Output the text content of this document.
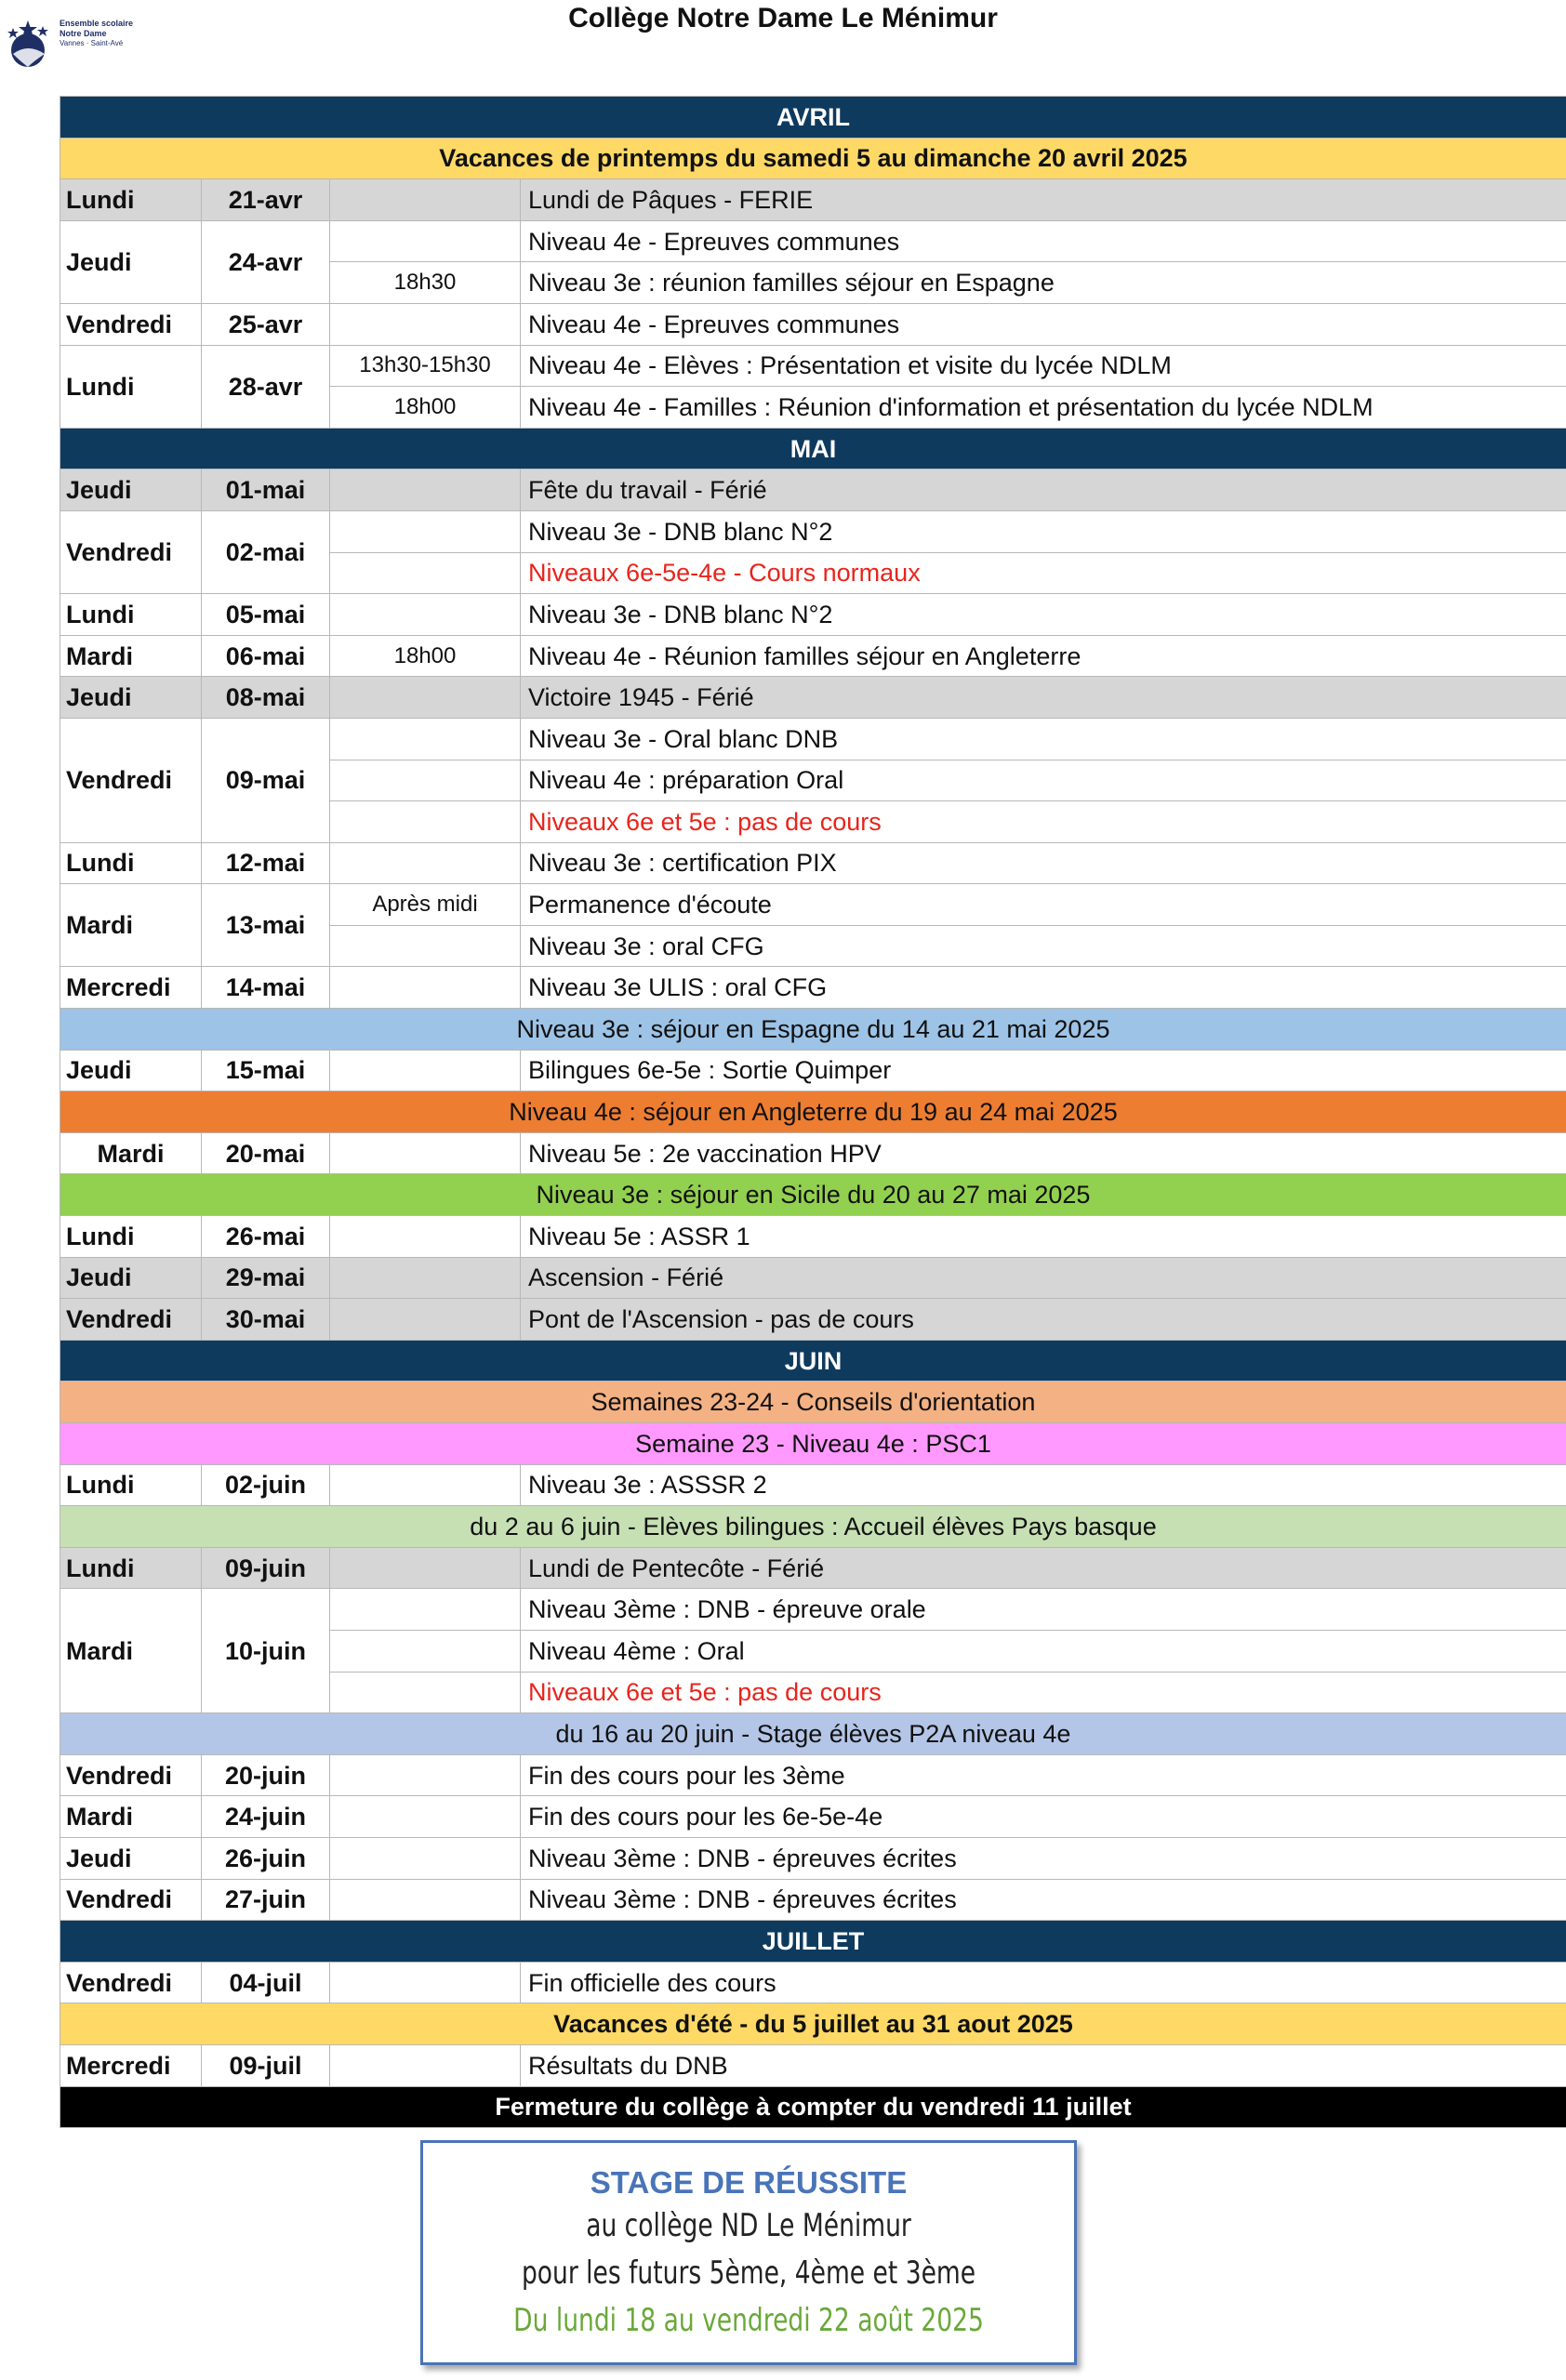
Ensemble scolaire
Notre Dame
Vannes · Saint-Avé
Collège Notre Dame Le Ménimur
AVRIL			
Vacances de printemps du samedi 5 au dimanche 20 avril 2025			
Lundi	21-avr		Lundi de Pâques - FERIE
Jeudi	24-avr		Niveau 4e - Epreuves communes
		18h30	Niveau 3e : réunion familles séjour en Espagne
Vendredi	25-avr		Niveau 4e - Epreuves communes
Lundi	28-avr	13h30-15h30	Niveau 4e - Elèves : Présentation et visite du lycée NDLM
		18h00	Niveau 4e - Familles : Réunion d'information et présentation du lycée NDLM
MAI			
Jeudi	01-mai		Fête du travail - Férié
Vendredi	02-mai		Niveau 3e - DNB blanc N°2
			Niveaux 6e-5e-4e - Cours normaux
Lundi	05-mai		Niveau 3e - DNB blanc N°2
Mardi	06-mai	18h00	Niveau 4e - Réunion familles séjour en Angleterre
Jeudi	08-mai		Victoire 1945 - Férié
Vendredi	09-mai		Niveau 3e - Oral blanc DNB
			Niveau 4e : préparation Oral
			Niveaux 6e et 5e : pas de cours
Lundi	12-mai		Niveau 3e : certification PIX
Mardi	13-mai	Après midi	Permanence d'écoute
			Niveau 3e : oral CFG
Mercredi	14-mai		Niveau 3e ULIS : oral CFG
Niveau 3e : séjour en Espagne du 14 au 21 mai 2025			
Jeudi	15-mai		Bilingues 6e-5e : Sortie Quimper
Niveau 4e : séjour en Angleterre du 19 au 24 mai 2025			
Mardi	20-mai		Niveau 5e : 2e vaccination HPV
Niveau 3e : séjour en Sicile du 20 au 27 mai 2025			
Lundi	26-mai		Niveau 5e : ASSR 1
Jeudi	29-mai		Ascension - Férié
Vendredi	30-mai		Pont de l'Ascension - pas de cours
JUIN			
Semaines 23-24 - Conseils d'orientation			
Semaine 23 - Niveau 4e : PSC1			
Lundi	02-juin		Niveau 3e : ASSSR 2
du 2 au 6 juin - Elèves bilingues : Accueil élèves Pays basque			
Lundi	09-juin		Lundi de Pentecôte - Férié
Mardi	10-juin		Niveau 3ème : DNB - épreuve orale
			Niveau 4ème : Oral
			Niveaux 6e et 5e : pas de cours
du 16 au 20 juin - Stage élèves P2A niveau 4e			
Vendredi	20-juin		Fin des cours pour les 3ème
Mardi	24-juin		Fin des cours pour les 6e-5e-4e
Jeudi	26-juin		Niveau 3ème : DNB - épreuves écrites
Vendredi	27-juin		Niveau 3ème : DNB - épreuves écrites
JUILLET			
Vendredi	04-juil		Fin officielle des cours
Vacances d'été - du 5 juillet au 31 aout 2025			
Mercredi	09-juil		Résultats du DNB
Fermeture du collège à compter du vendredi 11 juillet			
STAGE DE RÉUSSITE
au collège ND Le Ménimur
pour les futurs 5ème, 4ème et 3ème
Du lundi 18 au vendredi 22 août 2025
